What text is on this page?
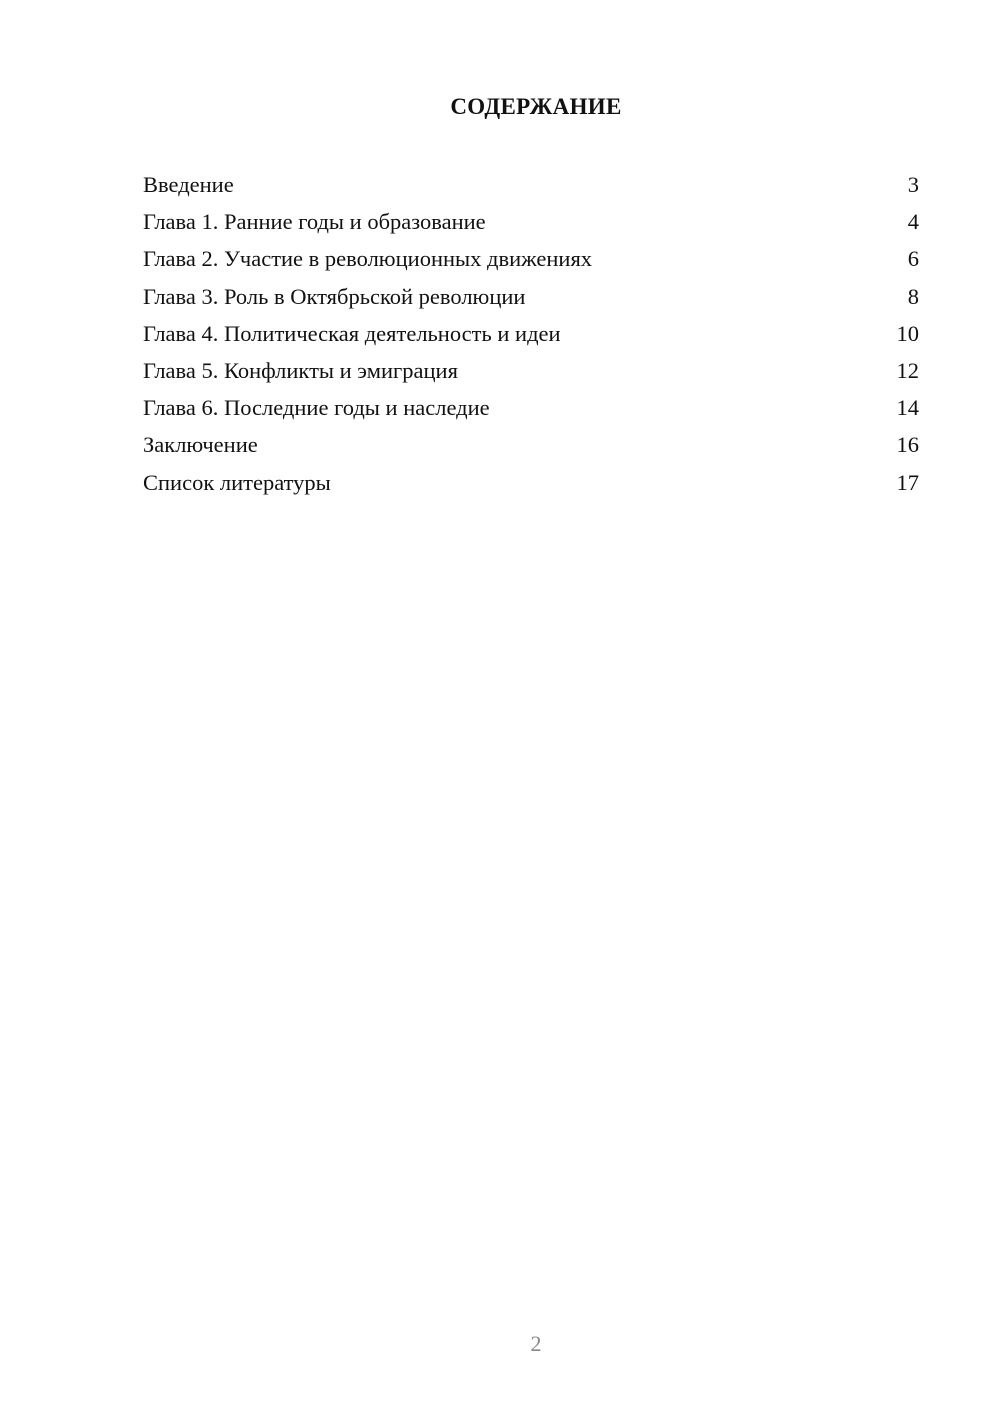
СОДЕРЖАНИЕ
Введение	3
Глава 1. Ранние годы и образование	4
Глава 2. Участие в революционных движениях	6
Глава 3. Роль в Октябрьской революции	8
Глава 4. Политическая деятельность и идеи	10
Глава 5. Конфликты и эмиграция	12
Глава 6. Последние годы и наследие	14
Заключение	16
Список литературы	17
2
